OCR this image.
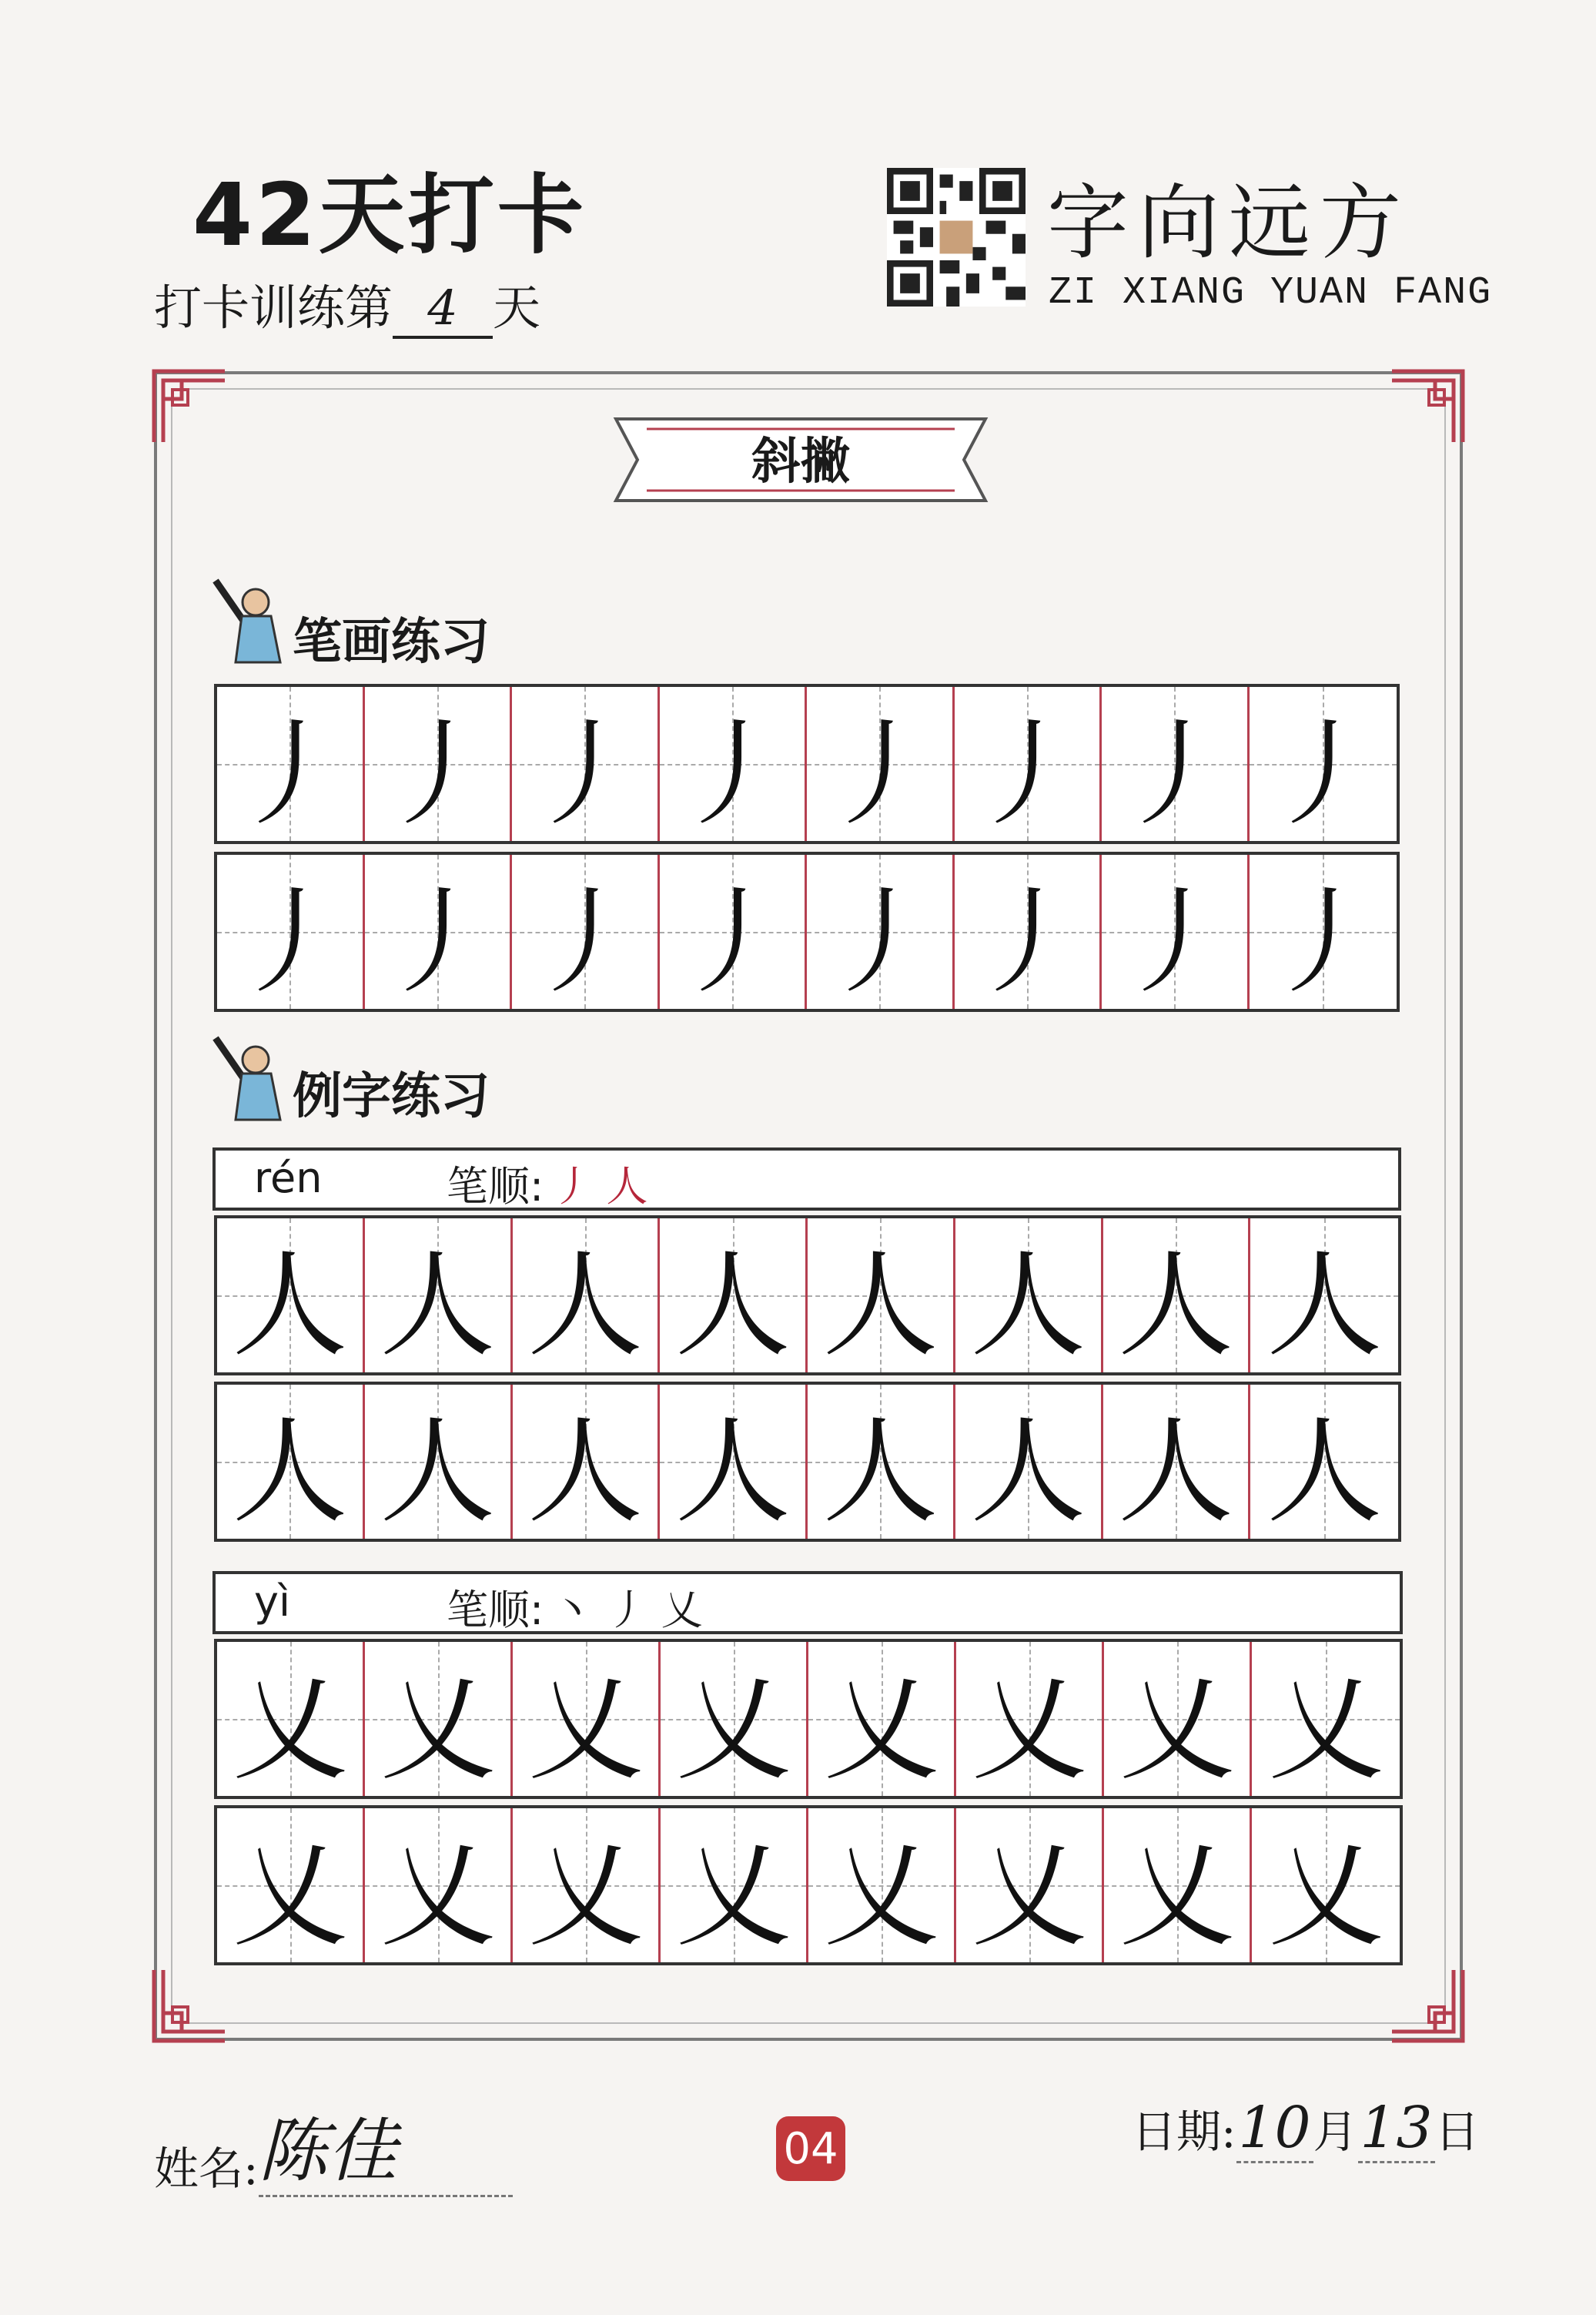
42天打卡
打卡训练第 4 天
字向远方
ZI XIANG YUAN FANG
斜撇
笔画练习
丿 丿 丿 丿 丿 丿 丿 丿
丿 丿 丿 丿 丿 丿 丿 丿
例字练习
rén	笔顺: 丿 人
人 人 人 人 人 人 人 人
人 人 人 人 人 人 人 人
yì	笔顺: 丶 丿 乂
乂 乂 乂 乂 乂 乂 乂 乂
乂 乂 乂 乂 乂 乂 乂 乂
姓名:陈佳	04	日期:10月13日
